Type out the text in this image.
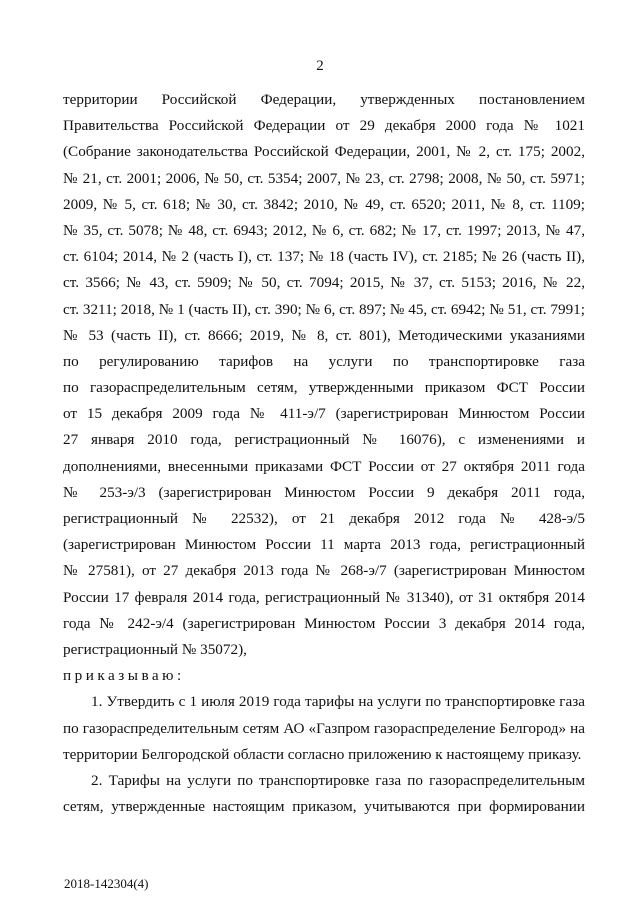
2
территории Российской Федерации, утвержденных постановлением
Правительства Российской Федерации от 29 декабря 2000 года № 1021
(Собрание законодательства Российской Федерации, 2001, № 2, ст. 175; 2002,
№ 21, ст. 2001; 2006, № 50, ст. 5354; 2007, № 23, ст. 2798; 2008, № 50, ст. 5971;
2009, № 5, ст. 618; № 30, ст. 3842; 2010, № 49, ст. 6520; 2011, № 8, ст. 1109;
№ 35, ст. 5078; № 48, ст. 6943; 2012, № 6, ст. 682; № 17, ст. 1997; 2013, № 47,
ст. 6104; 2014, № 2 (часть I), ст. 137; № 18 (часть IV), ст. 2185; № 26 (часть II),
ст. 3566; № 43, ст. 5909; № 50, ст. 7094; 2015, № 37, ст. 5153; 2016, № 22,
ст. 3211; 2018, № 1 (часть II), ст. 390; № 6, ст. 897; № 45, ст. 6942; № 51, ст. 7991;
№ 53 (часть II), ст. 8666; 2019, № 8, ст. 801), Методическими указаниями
по регулированию тарифов на услуги по транспортировке газа
по газораспределительным сетям, утвержденными приказом ФСТ России
от 15 декабря 2009 года № 411-э/7 (зарегистрирован Минюстом России
27 января 2010 года, регистрационный № 16076), с изменениями и
дополнениями, внесенными приказами ФСТ России от 27 октября 2011 года
№ 253-э/3 (зарегистрирован Минюстом России 9 декабря 2011 года,
регистрационный № 22532), от 21 декабря 2012 года № 428-э/5
(зарегистрирован Минюстом России 11 марта 2013 года, регистрационный
№ 27581), от 27 декабря 2013 года № 268-э/7 (зарегистрирован Минюстом
России 17 февраля 2014 года, регистрационный № 31340), от 31 октября 2014
года № 242-э/4 (зарегистрирован Минюстом России 3 декабря 2014 года,
регистрационный № 35072),
приказываю:
1. Утвердить с 1 июля 2019 года тарифы на услуги по транспортировке газа
по газораспределительным сетям АО «Газпром газораспределение Белгород» на
территории Белгородской области согласно приложению к настоящему приказу.
2. Тарифы на услуги по транспортировке газа по газораспределительным
сетям, утвержденные настоящим приказом, учитываются при формировании
2018-142304(4)
